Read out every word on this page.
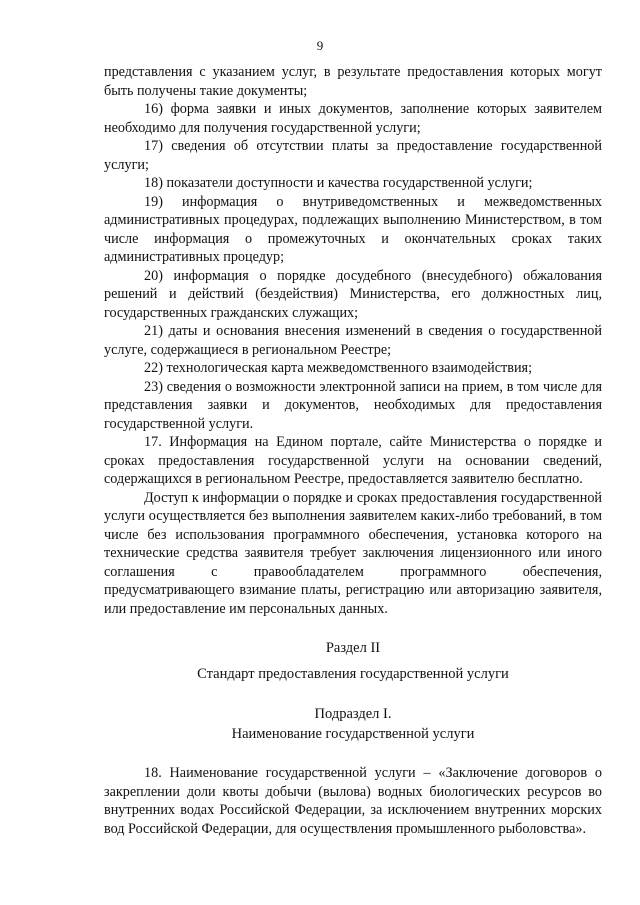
9

представления с указанием услуг, в результате предоставления которых могут быть получены такие документы;

16) форма заявки и иных документов, заполнение которых заявителем необходимо для получения государственной услуги;

17) сведения об отсутствии платы за предоставление государственной услуги;

18) показатели доступности и качества государственной услуги;

19) информация о внутриведомственных и межведомственных административных процедурах, подлежащих выполнению Министерством, в том числе информация о промежуточных и окончательных сроках таких административных процедур;

20) информация о порядке досудебного (внесудебного) обжалования решений и действий (бездействия) Министерства, его должностных лиц, государственных гражданских служащих;

21) даты и основания внесения изменений в сведения о государственной услуге, содержащиеся в региональном Реестре;

22) технологическая карта межведомственного взаимодействия;

23) сведения о возможности электронной записи на прием, в том числе для представления заявки и документов, необходимых для предоставления государственной услуги.

17. Информация на Едином портале, сайте Министерства о порядке и сроках предоставления государственной услуги на основании сведений, содержащихся в региональном Реестре, предоставляется заявителю бесплатно.

Доступ к информации о порядке и сроках предоставления государственной услуги осуществляется без выполнения заявителем каких-либо требований, в том числе без использования программного обеспечения, установка которого на технические средства заявителя требует заключения лицензионного или иного соглашения с правообладателем программного обеспечения, предусматривающего взимание платы, регистрацию или авторизацию заявителя, или предоставление им персональных данных.

Раздел II

Стандарт предоставления государственной услуги

Подраздел I.

Наименование государственной услуги

18. Наименование государственной услуги – «Заключение договоров о закреплении доли квоты добычи (вылова) водных биологических ресурсов во внутренних водах Российской Федерации, за исключением внутренних морских вод Российской Федерации, для осуществления промышленного рыболовства».
